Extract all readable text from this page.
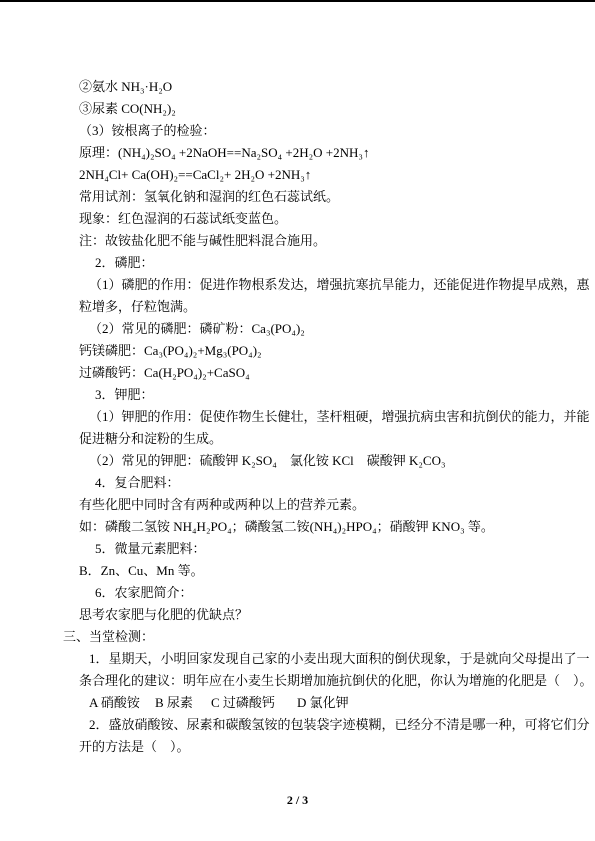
②氨水 NH₃·H₂O
③尿素 CO(NH₂)₂
（3）铵根离子的检验：
原理：(NH₄)₂SO₄ +2NaOH==Na₂SO₄ +2H₂O +2NH₃↑
2NH₄Cl+ Ca(OH)₂==CaCl₂+ 2H₂O +2NH₃↑
常用试剂：氢氧化钠和湿润的红色石蕊试纸。
现象：红色湿润的石蕊试纸变蓝色。
注：故铵盐化肥不能与碱性肥料混合施用。
2．磷肥：
（1）磷肥的作用：促进作物根系发达，增强抗寒抗旱能力，还能促进作物提早成熟，惠
粒增多，仔粒饱满。
（2）常见的磷肥：磷矿粉：Ca₃(PO₄)₂
钙镁磷肥：Ca₃(PO₄)₂+Mg₃(PO₄)₂
过磷酸钙：Ca(H₂PO₄)₂+CaSO₄
3．钾肥：
（1）钾肥的作用：促使作物生长健壮，茎杆粗硬，增强抗病虫害和抗倒伏的能力，并能
促进糖分和淀粉的生成。
（2）常见的钾肥：硫酸钾 K₂SO₄　氯化铵 KCl　碳酸钾 K₂CO₃
4．复合肥料：
有些化肥中同时含有两种或两种以上的营养元素。
如：磷酸二氢铵 NH₄H₂PO₄；磷酸氢二铵(NH₄)₂HPO₄；硝酸钾 KNO₃ 等。
5．微量元素肥料：
B．Zn、Cu、Mn 等。
6．农家肥简介：
思考农家肥与化肥的优缺点？
三、当堂检测：
1．星期天，小明回家发现自己家的小麦出现大面积的倒伏现象，于是就向父母提出了一
条合理化的建议：明年应在小麦生长期增加施抗倒伏的化肥，你认为增施的化肥是（　）。
A 硝酸铵 B 尿素 C 过磷酸钙 D 氯化钾
2．盛放硝酸铵、尿素和碳酸氢铵的包装袋字迹模糊，已经分不清是哪一种，可将它们分
开的方法是（　）。
2 / 3
